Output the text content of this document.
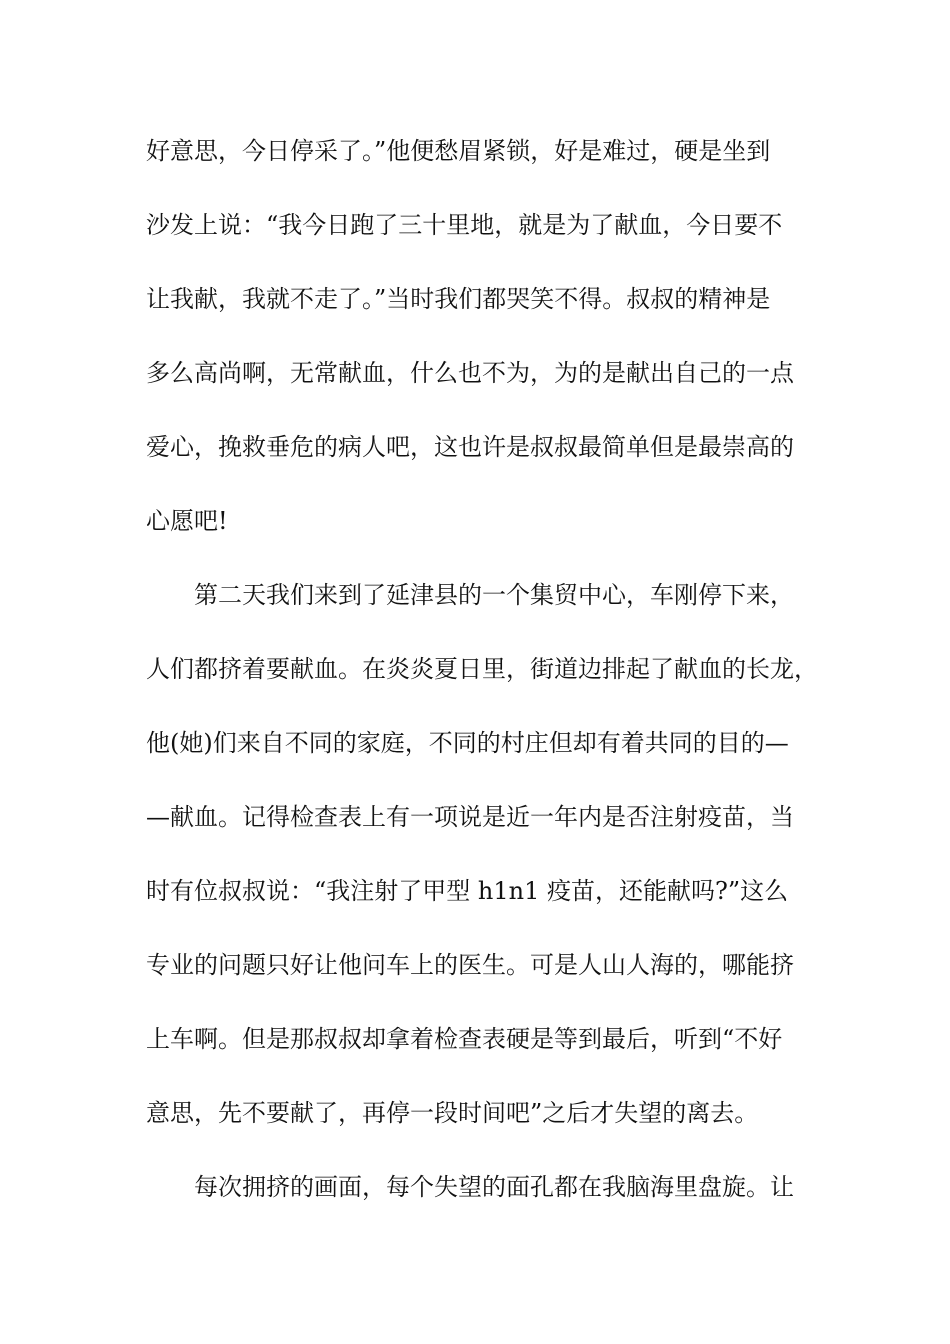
好意思，今日停采了。”他便愁眉紧锁，好是难过，硬是坐到
沙发上说：“我今日跑了三十里地，就是为了献血，今日要不
让我献，我就不走了。”当时我们都哭笑不得。叔叔的精神是
多么高尚啊，无常献血，什么也不为，为的是献出自己的一点
爱心，挽救垂危的病人吧，这也许是叔叔最简单但是最崇高的
心愿吧!
第二天我们来到了延津县的一个集贸中心，车刚停下来，
人们都挤着要献血。在炎炎夏日里，街道边排起了献血的长龙，
他(她)们来自不同的家庭，不同的村庄但却有着共同的目的—
—献血。记得检查表上有一项说是近一年内是否注射疫苗，当
时有位叔叔说：“我注射了甲型 h1n1 疫苗，还能献吗?”这么
专业的问题只好让他问车上的医生。可是人山人海的，哪能挤
上车啊。但是那叔叔却拿着检查表硬是等到最后，听到“不好
意思，先不要献了，再停一段时间吧”之后才失望的离去。
每次拥挤的画面，每个失望的面孔都在我脑海里盘旋。让
